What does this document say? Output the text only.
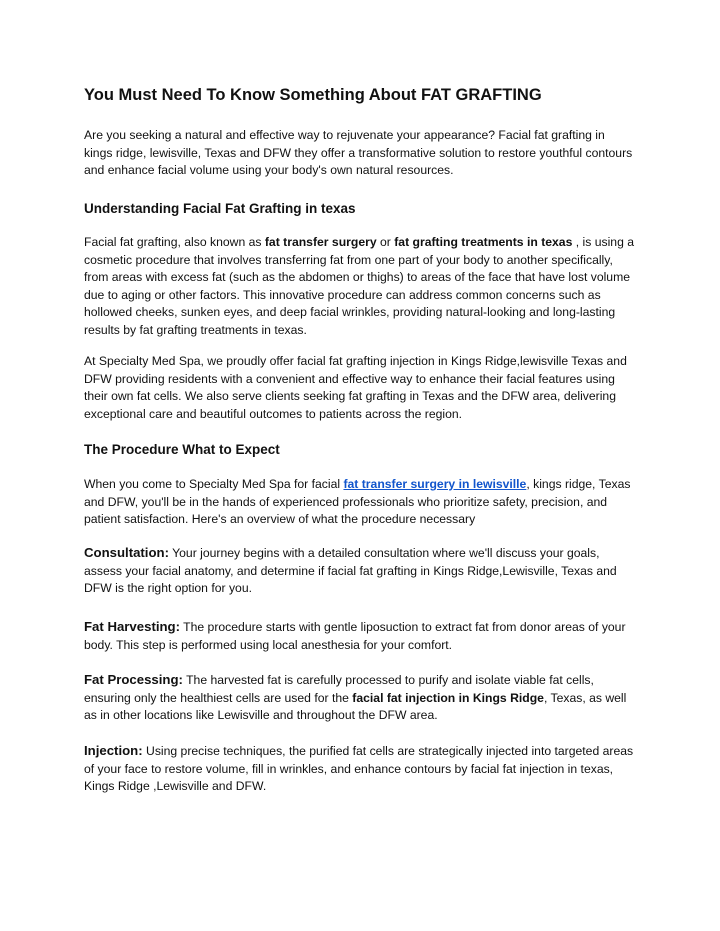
You Must Need To Know Something About FAT GRAFTING

Are you seeking a natural and effective way to rejuvenate your appearance? Facial fat grafting in kings ridge, lewisville, Texas and DFW they offer a transformative solution to restore youthful contours and enhance facial volume using your body's own natural resources.

Understanding Facial Fat Grafting in texas

Facial fat grafting, also known as fat transfer surgery or fat grafting treatments in texas , is using a cosmetic procedure that involves transferring fat from one part of your body to another specifically, from areas with excess fat (such as the abdomen or thighs) to areas of the face that have lost volume due to aging or other factors. This innovative procedure can address common concerns such as hollowed cheeks, sunken eyes, and deep facial wrinkles, providing natural-looking and long-lasting results by fat grafting treatments in texas.

At Specialty Med Spa, we proudly offer facial fat grafting injection in Kings Ridge,lewisville Texas and DFW providing residents with a convenient and effective way to enhance their facial features using their own fat cells. We also serve clients seeking fat grafting in Texas and the DFW area, delivering exceptional care and beautiful outcomes to patients across the region.

The Procedure What to Expect

When you come to Specialty Med Spa for facial fat transfer surgery in lewisville, kings ridge, Texas and DFW, you'll be in the hands of experienced professionals who prioritize safety, precision, and patient satisfaction. Here's an overview of what the procedure necessary

Consultation: Your journey begins with a detailed consultation where we'll discuss your goals, assess your facial anatomy, and determine if facial fat grafting in Kings Ridge,Lewisville, Texas and DFW is the right option for you.

Fat Harvesting: The procedure starts with gentle liposuction to extract fat from donor areas of your body. This step is performed using local anesthesia for your comfort.

Fat Processing: The harvested fat is carefully processed to purify and isolate viable fat cells, ensuring only the healthiest cells are used for the facial fat injection in Kings Ridge, Texas, as well as in other locations like Lewisville and throughout the DFW area.

Injection: Using precise techniques, the purified fat cells are strategically injected into targeted areas of your face to restore volume, fill in wrinkles, and enhance contours by facial fat injection in texas, Kings Ridge ,Lewisville and DFW.
